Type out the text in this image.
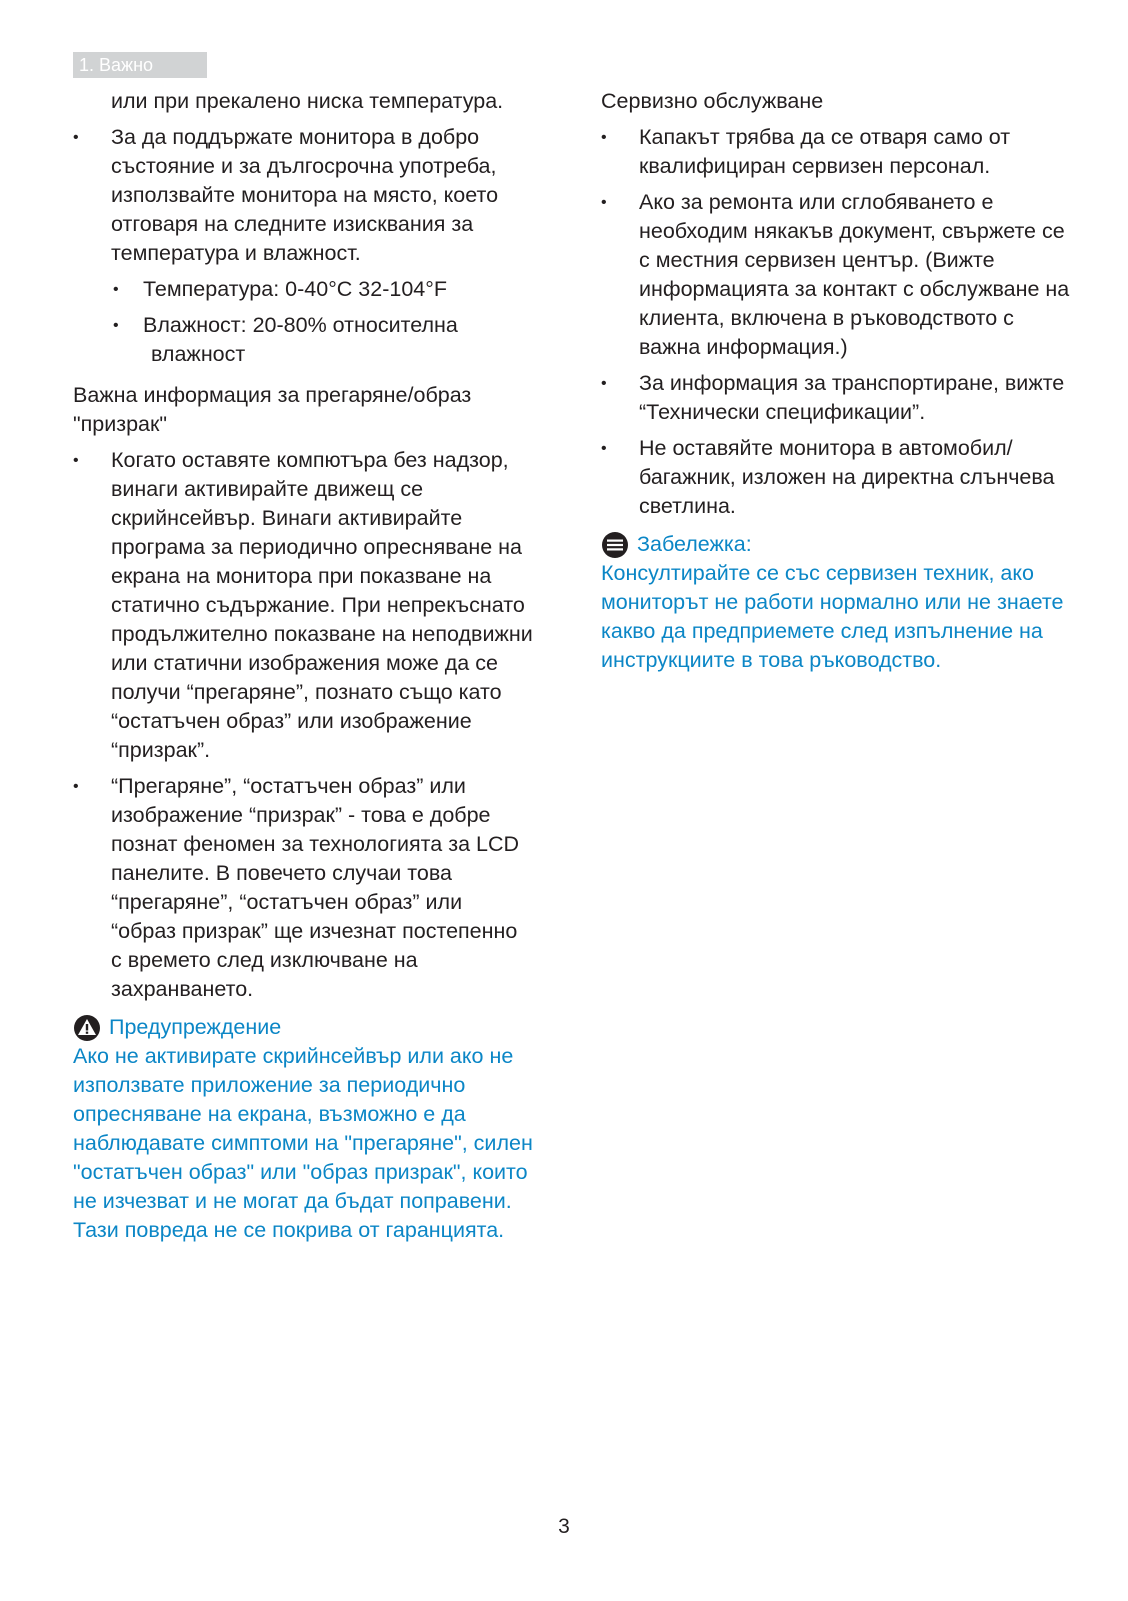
1. Важно

или при прекалено ниска температура.

• За да поддържате монитора в добро състояние и за дългосрочна употреба, използвайте монитора на място, което отговаря на следните изисквания за температура и влажност.
• Температура: 0-40°C 32-104°F
• Влажност: 20-80% относителна
влажност

Важна информация за прегаряне/образ "призрак"

• Когато оставяте компютъра без надзор, винаги активирайте движещ се скрийнсейвър. Винаги активирайте програма за периодично опресняване на екрана на монитора при показване на статично съдържание. При непрекъснато продължително показване на неподвижни или статични изображения може да се получи “прегаряне”, познато също като “остатъчен образ” или изображение “призрак”.
• “Прегаряне”, “остатъчен образ” или изображение “призрак” - това е добре познат феномен за технологията за LCD панелите. В повечето случаи това “прегаряне”, “остатъчен образ” или “образ призрак” ще изчезнат постепенно с времето след изключване на захранването.
Предупреждение

Ако не активирате скрийнсейвър или ако не използвате приложение за периодично опресняване на екрана, възможно е да наблюдавате симптоми на "прегаряне", силен "остатъчен образ" или "образ призрак", които не изчезват и не могат да бъдат поправени. Тази повреда не се покрива от гаранцията.

Сервизно обслужване

• Капакът трябва да се отваря само от квалифициран сервизен персонал.
• Ако за ремонта или сглобяването е необходим някакъв документ, свържете се с местния сервизен център. (Вижте информацията за контакт с обслужване на клиента, включена в ръководството с важна информация.)
• За информация за транспортиране, вижте “Технически спецификации”.
• Не оставяйте монитора в автомобил/багажник, изложен на директна слънчева светлина.
Забележка:

Консултирайте се със сервизен техник, ако мониторът не работи нормално или не знаете какво да предприемете след изпълнение на инструкциите в това ръководство.

3
